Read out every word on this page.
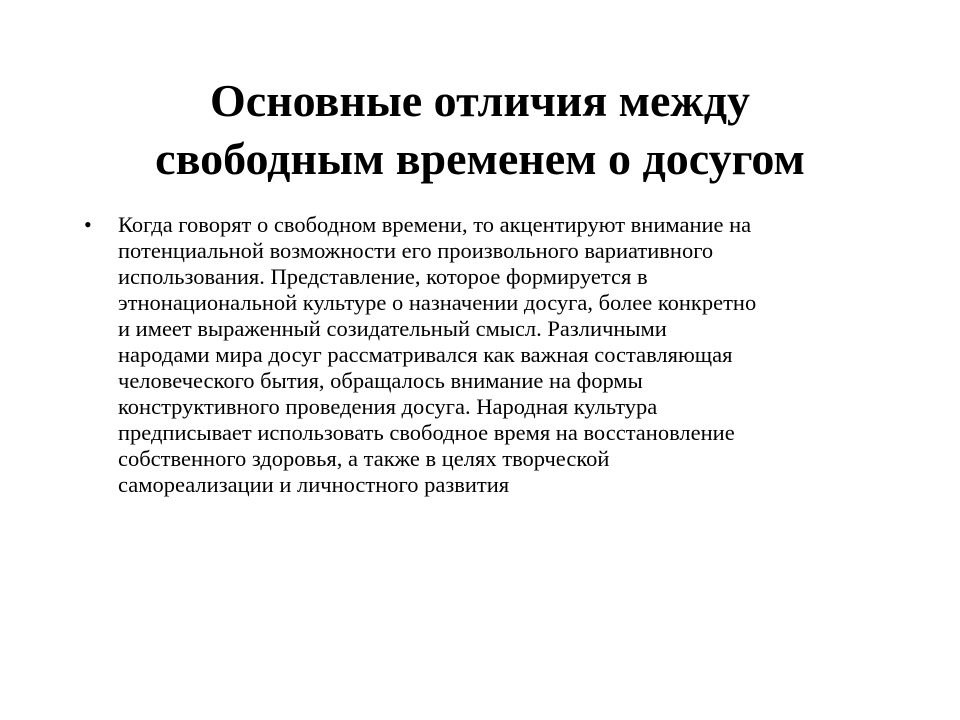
Основные отличия между
свободным временем о досугом
• Когда говорят о свободном времени, то акцентируют внимание на
потенциальной возможности его произвольного вариативного
использования. Представление, которое формируется в
этнонациональной культуре о назначении досуга, более конкретно
и имеет выраженный созидательный смысл. Различными
народами мира досуг рассматривался как важная составляющая
человеческого бытия, обращалось внимание на формы
конструктивного проведения досуга. Народная культура
предписывает использовать свободное время на восстановление
собственного здоровья, а также в целях творческой
самореализации и личностного развития
